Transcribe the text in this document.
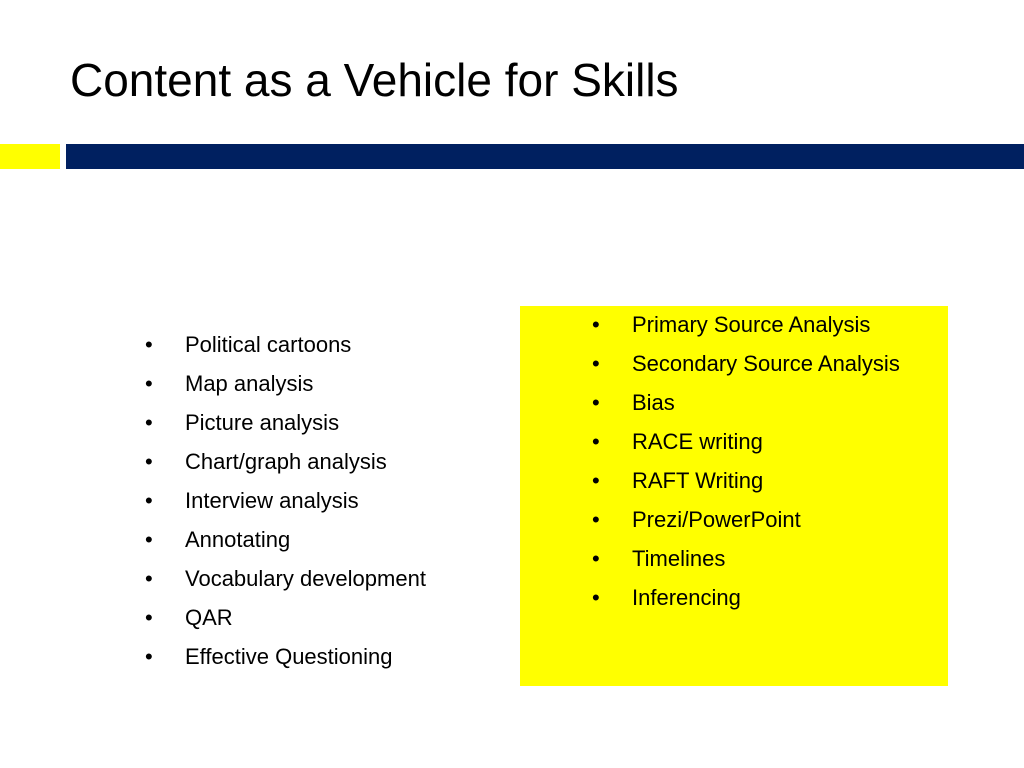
Content as a Vehicle for Skills
• Political cartoons
• Map analysis
• Picture analysis
• Chart/graph analysis
• Interview analysis
• Annotating
• Vocabulary development
• QAR
• Effective Questioning
• Primary Source Analysis
• Secondary Source Analysis
• Bias
• RACE writing
• RAFT Writing
• Prezi/PowerPoint
• Timelines
• Inferencing
